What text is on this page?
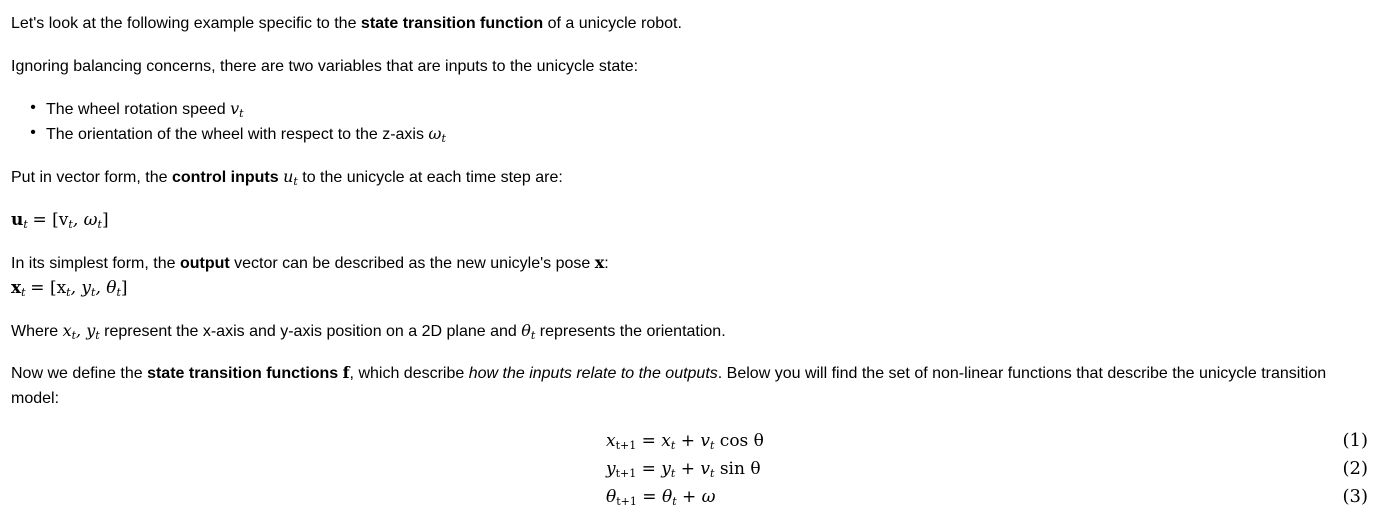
Let's look at the following example specific to the state transition function of a unicycle robot.
Ignoring balancing concerns, there are two variables that are inputs to the unicycle state:
• The wheel rotation speed $v_t$
• The orientation of the wheel with respect to the z-axis $\omega_t$
Put in vector form, the control inputs $u_t$ to the unicycle at each time step are:
$u_t = [v_t$, $\omega_t$]
In its simplest form, the output vector can be described as the new unicyle's pose x:
$x_t = [x_t$, $y_t$, $\theta_t$]
Where $x_t$, $y_t$ represent the x-axis and y-axis position on a 2D plane and $\theta_t$ represents the orientation.
Now we define the state transition functions f, which describe how the inputs relate to the outputs. Below you will find the set of non-linear functions that describe the unicycle transition model:
$x_{t+1} = x_t + v_t$ cos θ	(1)
$y_{t+1} = y_t + v_t$ sin θ	(2)
$\theta_{t+1} = \theta_t + \omega$	(3)
